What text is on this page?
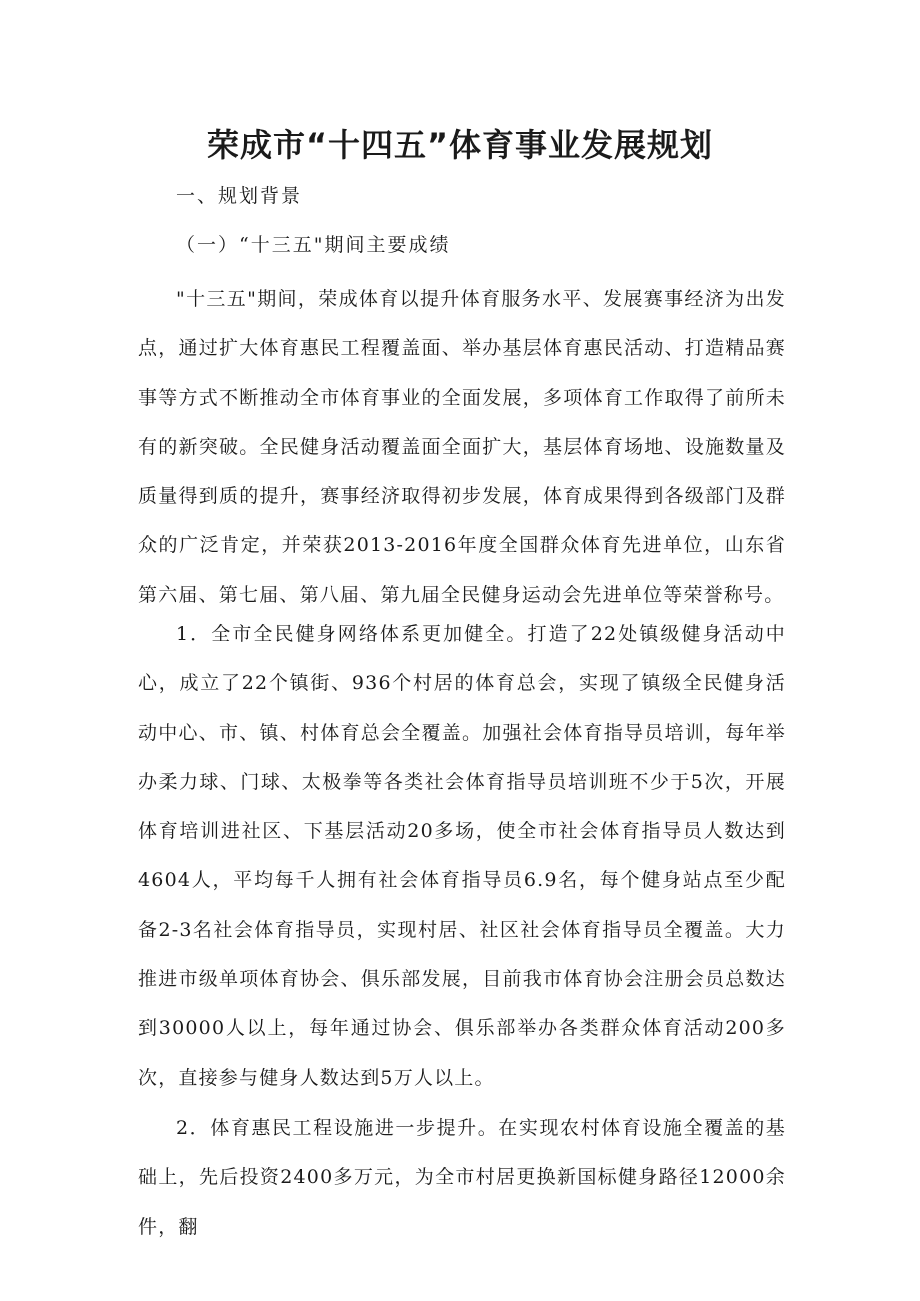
荣成市“十四五”体育事业发展规划

一、规划背景

（一）“十三五"期间主要成绩

"十三五"期间，荣成体育以提升体育服务水平、发展赛事经济为出发点，通过扩大体育惠民工程覆盖面、举办基层体育惠民活动、打造精品赛事等方式不断推动全市体育事业的全面发展，多项体育工作取得了前所未有的新突破。全民健身活动覆盖面全面扩大，基层体育场地、设施数量及质量得到质的提升，赛事经济取得初步发展，体育成果得到各级部门及群众的广泛肯定，并荣获2013-2016年度全国群众体育先进单位，山东省第六届、第七届、第八届、第九届全民健身运动会先进单位等荣誉称号。

1．全市全民健身网络体系更加健全。打造了22处镇级健身活动中心，成立了22个镇街、936个村居的体育总会，实现了镇级全民健身活动中心、市、镇、村体育总会全覆盖。加强社会体育指导员培训，每年举办柔力球、门球、太极拳等各类社会体育指导员培训班不少于5次，开展体育培训进社区、下基层活动20多场，使全市社会体育指导员人数达到4604人，平均每千人拥有社会体育指导员6.9名，每个健身站点至少配备2-3名社会体育指导员，实现村居、社区社会体育指导员全覆盖。大力推进市级单项体育协会、俱乐部发展，目前我市体育协会注册会员总数达到30000人以上，每年通过协会、俱乐部举办各类群众体育活动200多次，直接参与健身人数达到5万人以上。

2．体育惠民工程设施进一步提升。在实现农村体育设施全覆盖的基础上，先后投资2400多万元，为全市村居更换新国标健身路径12000余件，翻
